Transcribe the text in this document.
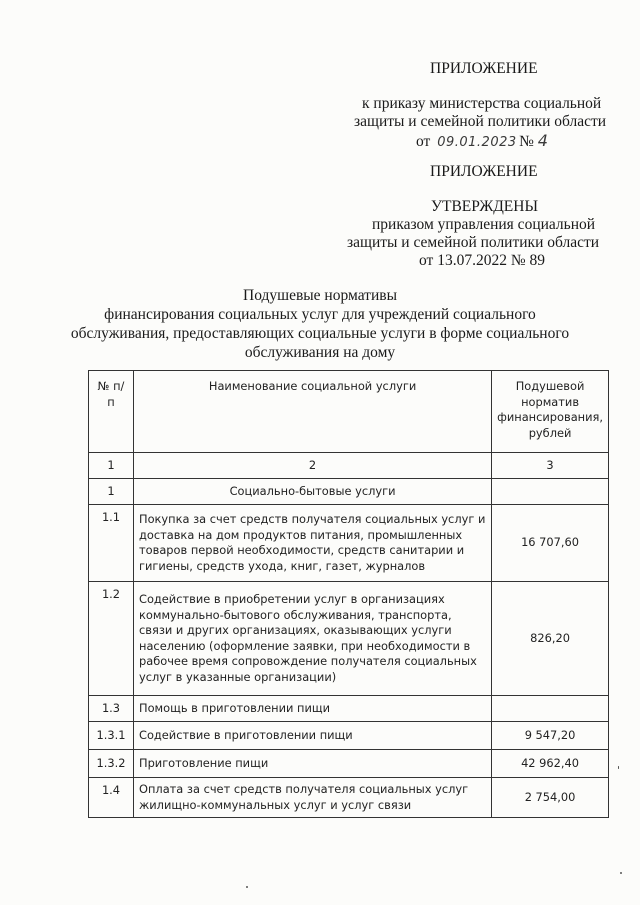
ПРИЛОЖЕНИЕ
к приказу министерства социальной
защиты и семейной политики области
от 09.01.2023 № 4
ПРИЛОЖЕНИЕ
УТВЕРЖДЕНЫ
приказом управления социальной
защиты и семейной политики области
от 13.07.2022 № 89
Подушевые нормативы
финансирования социальных услуг для учреждений социального
обслуживания, предоставляющих социальные услуги в форме социального
обслуживания на дому
№ п/п	Наименование социальной услуги	Подушевой норматив финансирования, рублей
1	2	3
1	Социально-бытовые услуги	
1.1	Покупка за счет средств получателя социальных услуг и доставка на дом продуктов питания, промышленных товаров первой необходимости, средств санитарии и гигиены, средств ухода, книг, газет, журналов	16 707,60
1.2	Содействие в приобретении услуг в организациях коммунально-бытового обслуживания, транспорта, связи и других организациях, оказывающих услуги населению (оформление заявки, при необходимости в рабочее время сопровождение получателя социальных услуг в указанные организации)	826,20
1.3	Помощь в приготовлении пищи	
1.3.1	Содействие в приготовлении пищи	9 547,20
1.3.2	Приготовление пищи	42 962,40
1.4	Оплата за счет средств получателя социальных услуг жилищно-коммунальных услуг и услуг связи	2 754,00
